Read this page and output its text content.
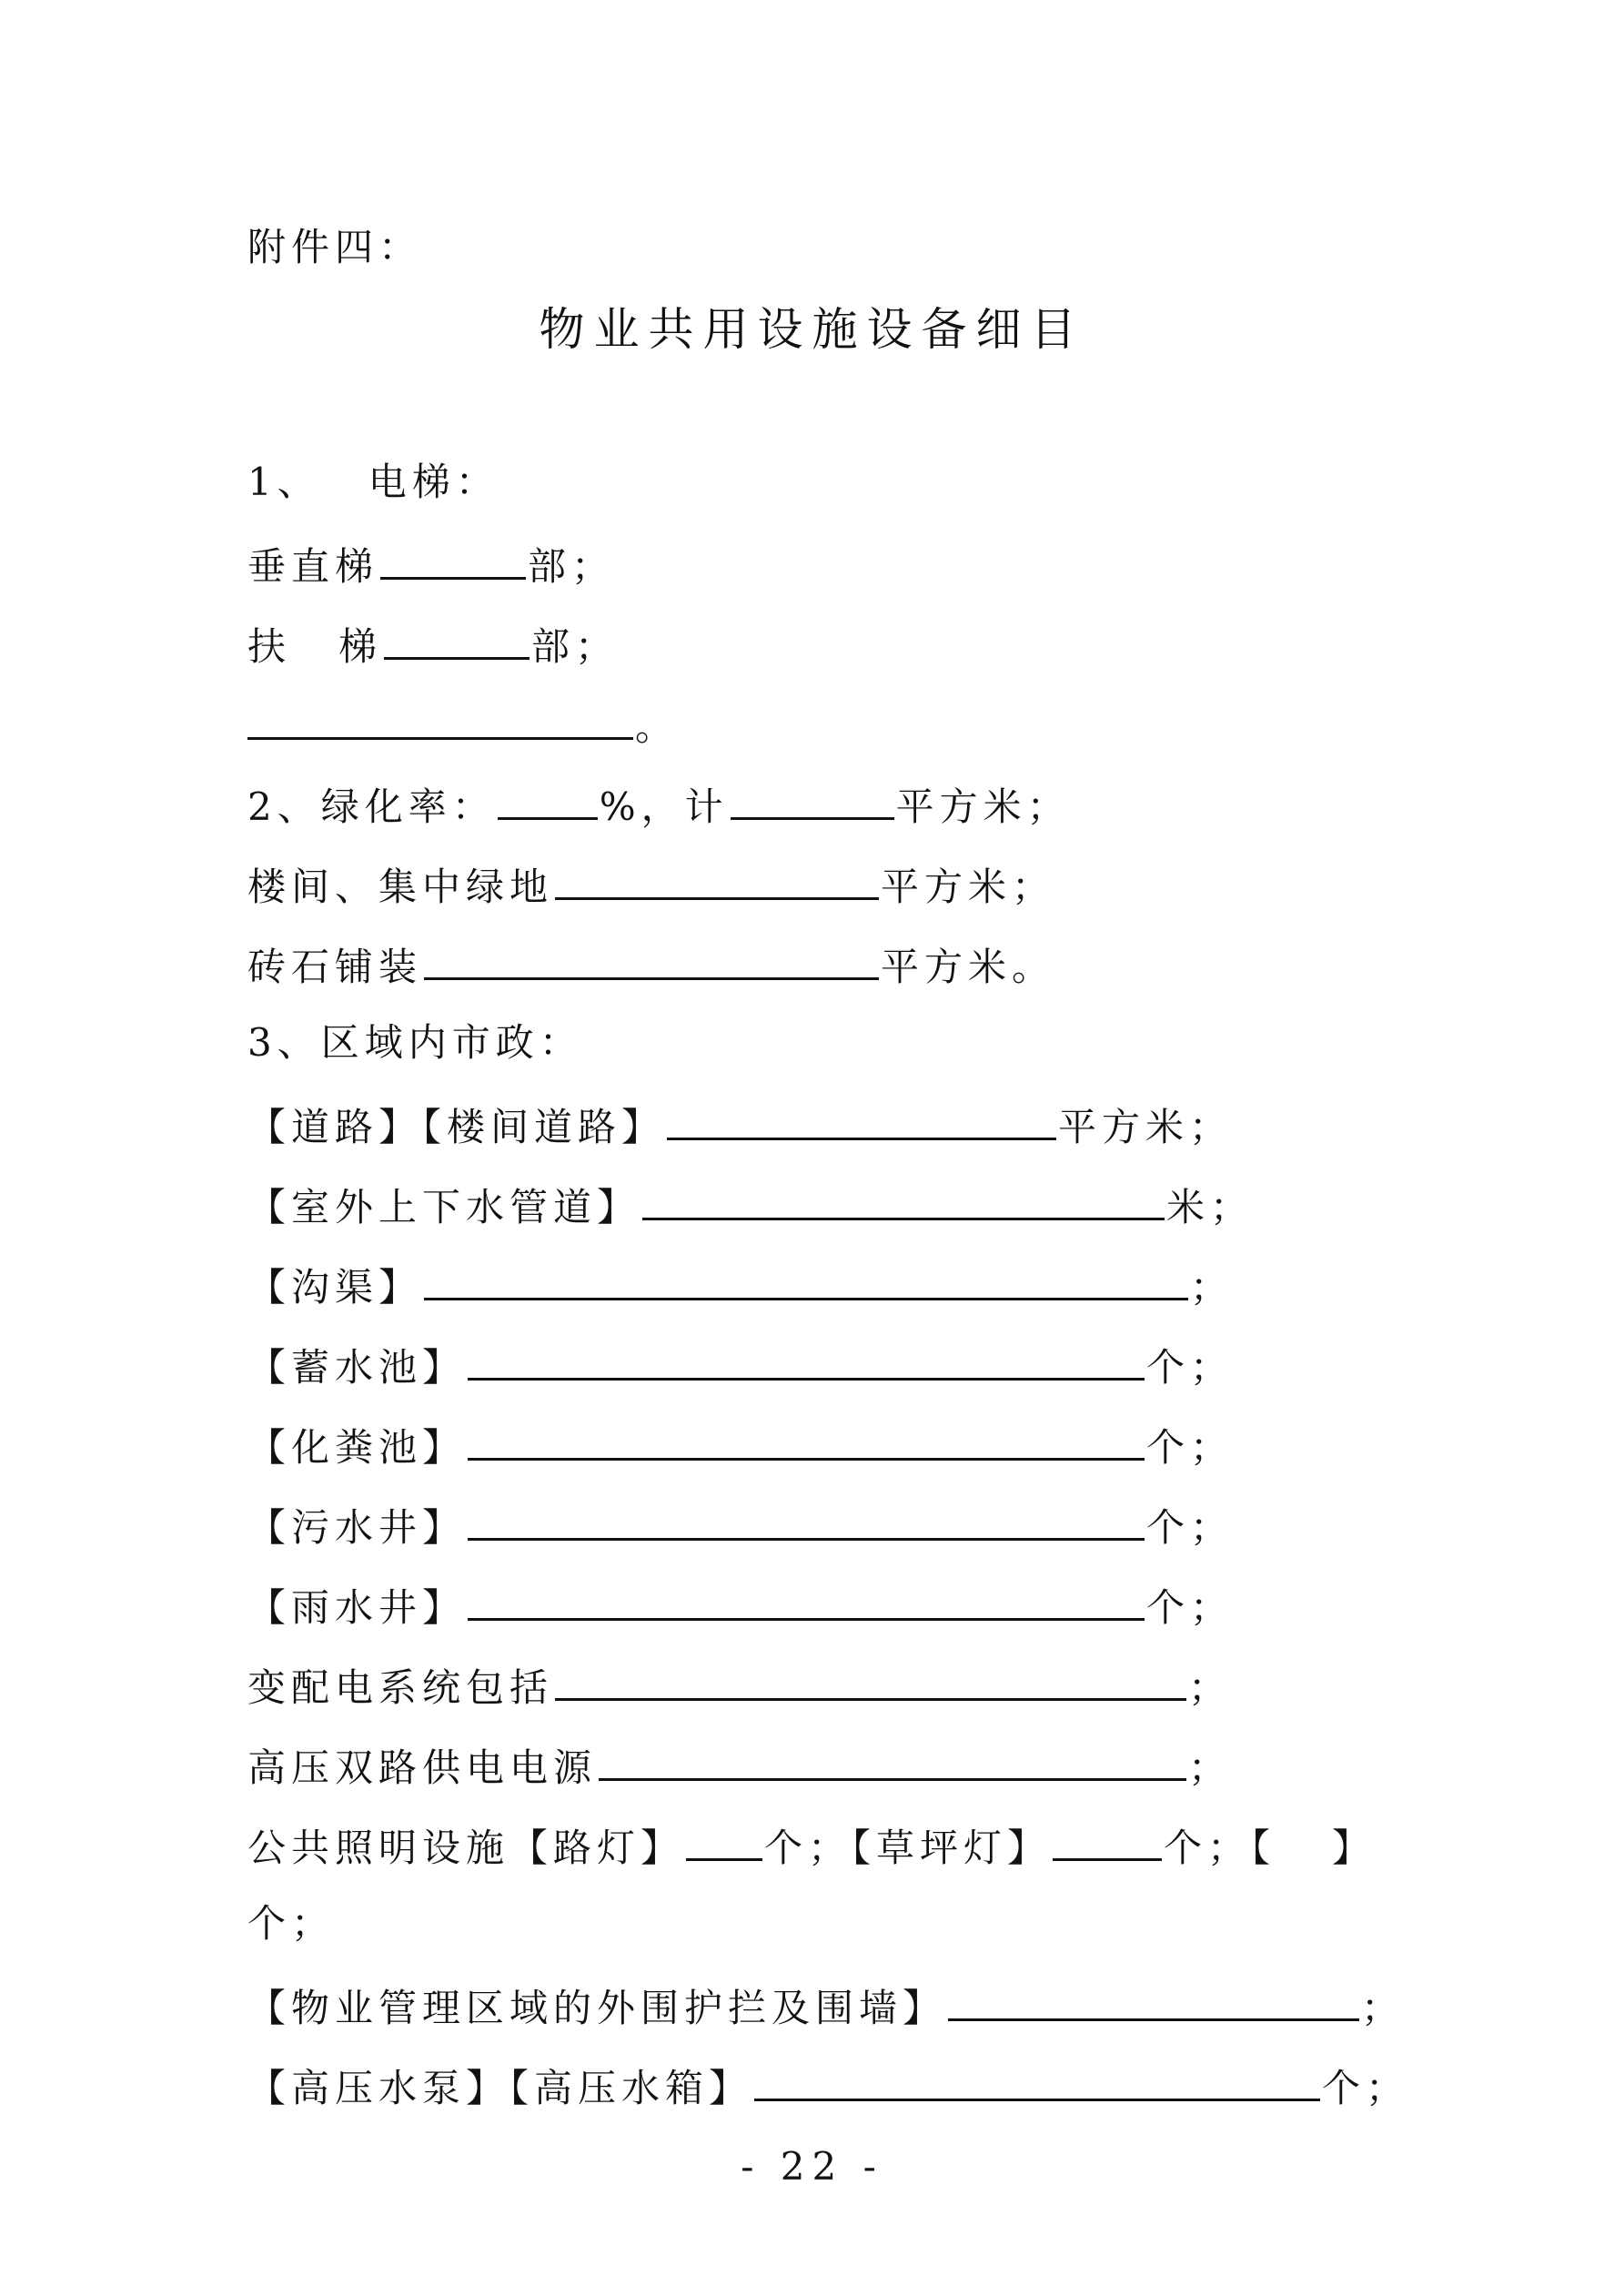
附件四：
物业共用设施设备细目
1、 电梯：
垂直梯	部；
扶 梯	部；
。
2、绿化率：	%，计	平方米；
楼间、集中绿地	平方米；
砖石铺装	平方米。
3、区域内市政：
【道路】【楼间道路】	平方米；
【室外上下水管道】	米；
【沟渠】	；
【蓄水池】	个；
【化粪池】	个；
【污水井】	个；
【雨水井】	个；
变配电系统包括	；
高压双路供电电源	；
公共照明设施【路灯】 个；【草坪灯】	个；【 】
个；
【物业管理区域的外围护拦及围墙】	；
【高压水泵】【高压水箱】	个；
- 22 -
